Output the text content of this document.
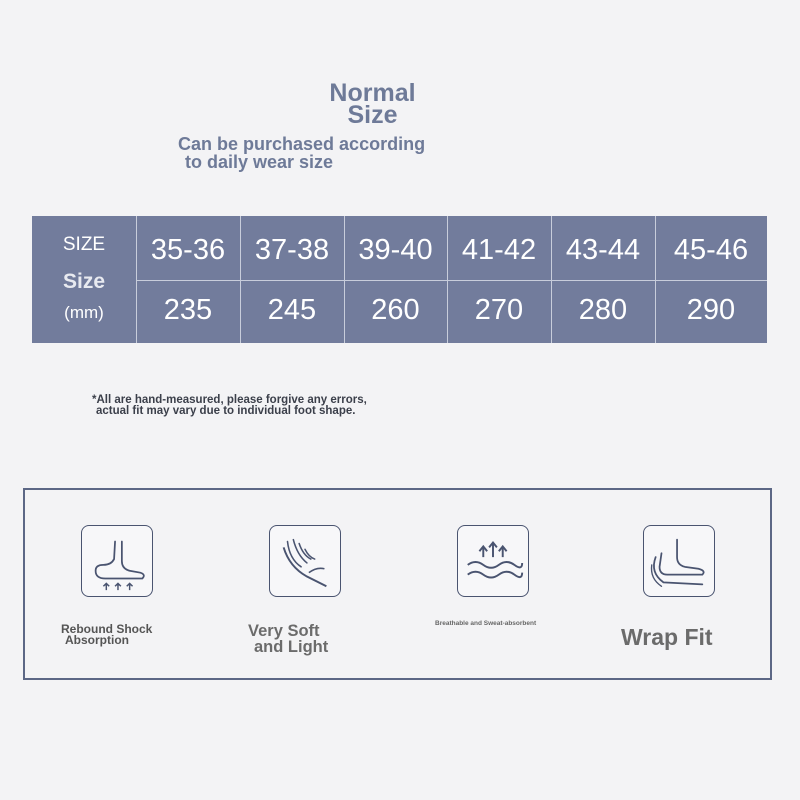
Normal
Size
Can be purchased according
to daily wear size
SIZE
Size
(mm)
35-36	37-38	39-40	41-42	43-44	45-46
235	245	260	270	280	290
*All are hand-measured, please forgive any errors,
actual fit may vary due to individual foot shape.
Rebound Shock
Absorption	Very Soft
and Light
Breathable and Sweat-absorbent
Wrap Fit
